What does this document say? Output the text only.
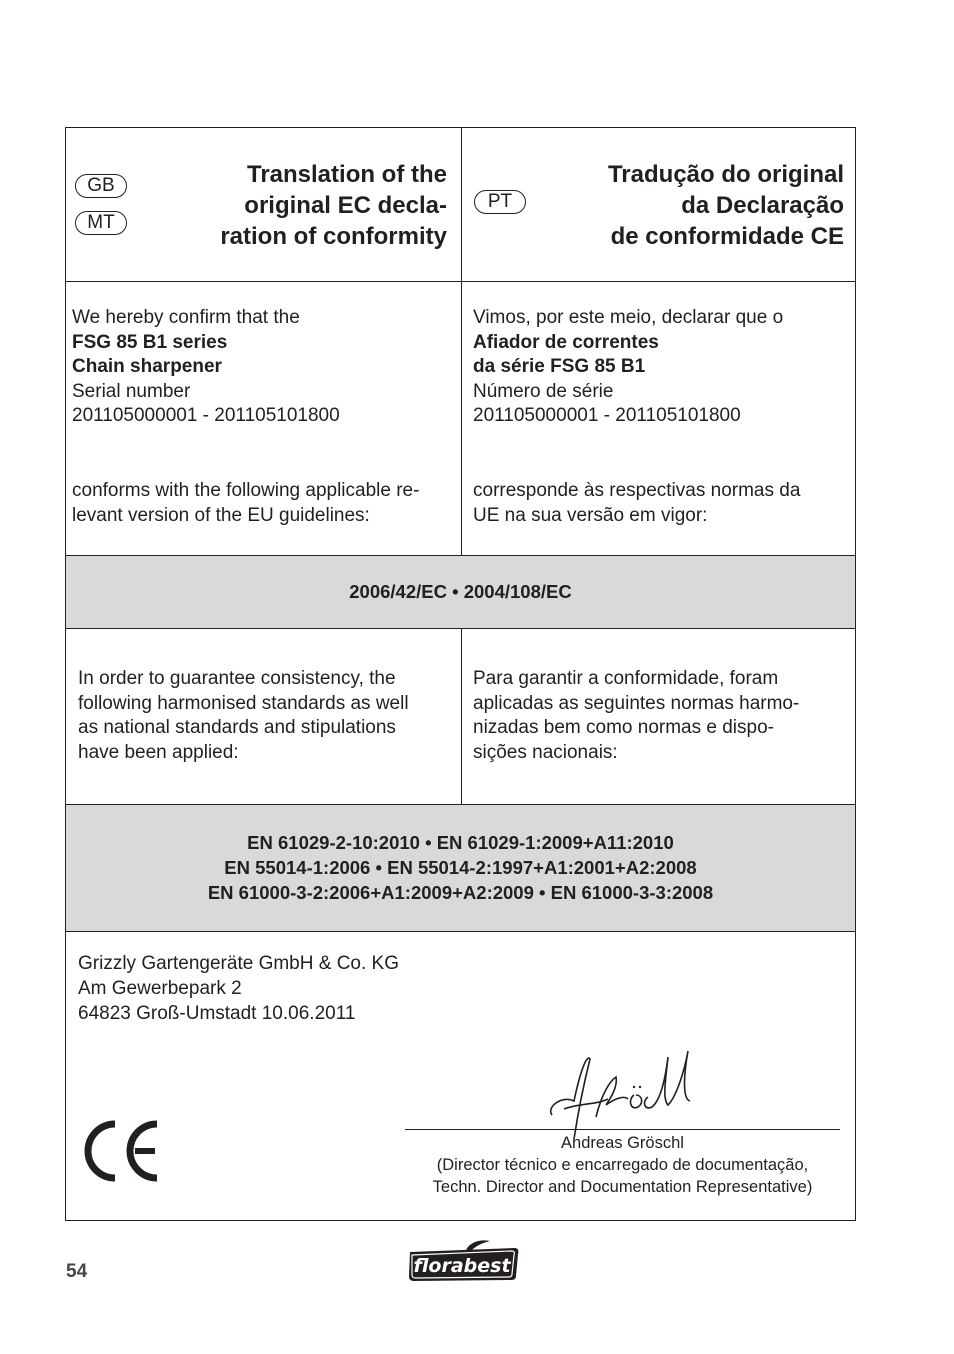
GB
MT
Translation of the
original EC decla-
ration of conformity
PT
Tradução do original
da Declaração
de conformidade CE
We hereby confirm that the
FSG 85 B1 series
Chain sharpener
Serial number
201105000001 - 201105101800
conforms with the following applicable re-
levant version of the EU guidelines:
Vimos, por este meio, declarar que o
Afiador de correntes
da série FSG 85 B1
Número de série
201105000001 - 201105101800
corresponde às respectivas normas da
UE na sua versão em vigor:
2006/42/EC • 2004/108/EC
In order to guarantee consistency, the
following harmonised standards as well
as national standards and stipulations
have been applied:
Para garantir a conformidade, foram
aplicadas as seguintes normas harmo-
nizadas bem como normas e dispo-
sições nacionais:
EN 61029-2-10:2010 • EN 61029-1:2009+A11:2010
EN 55014-1:2006 • EN 55014-2:1997+A1:2001+A2:2008
EN 61000-3-2:2006+A1:2009+A2:2009 • EN 61000-3-3:2008
Grizzly Gartengeräte GmbH & Co. KG
Am Gewerbepark 2
64823 Groß-Umstadt 10.06.2011
Andreas Gröschl
(Director técnico e encarregado de documentação,
Techn. Director and Documentation Representative)
54	florabest
